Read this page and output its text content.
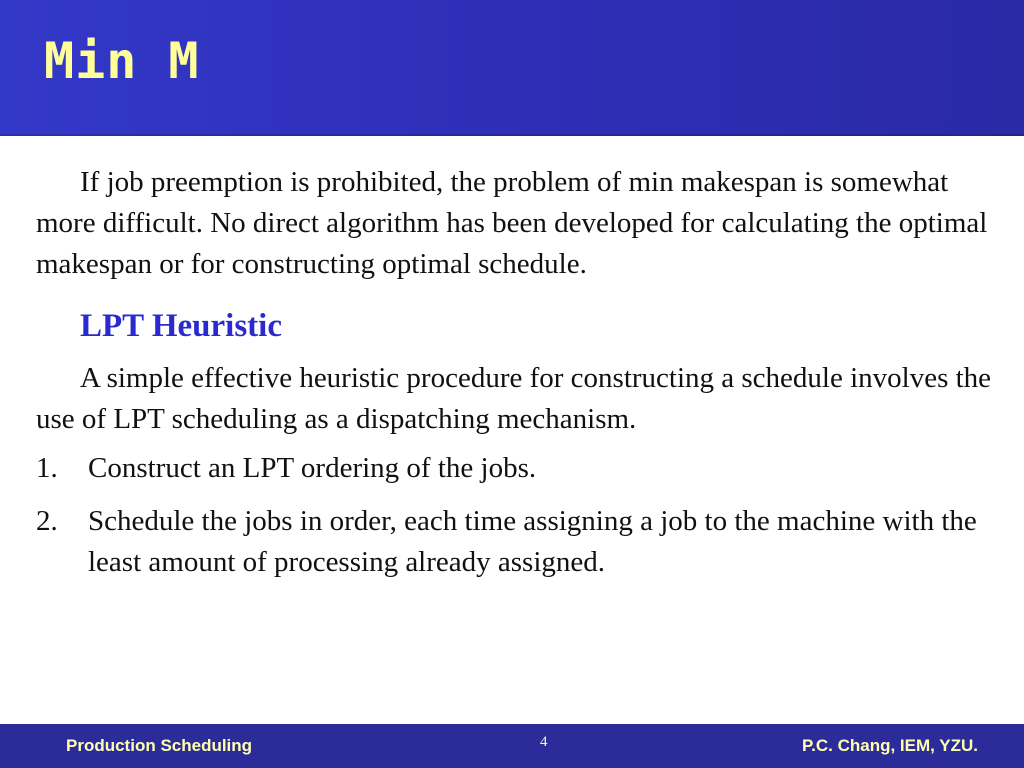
Min M

If job preemption is prohibited, the problem of min makespan is somewhat more difficult. No direct algorithm has been developed for calculating the optimal makespan or for constructing optimal schedule.

LPT Heuristic

A simple effective heuristic procedure for constructing a schedule involves the use of LPT scheduling as a dispatching mechanism.

1. Construct an LPT ordering of the jobs.
2. Schedule the jobs in order, each time assigning a job to the machine with the least amount of processing already assigned.
Production Scheduling	4	P.C. Chang, IEM, YZU.
